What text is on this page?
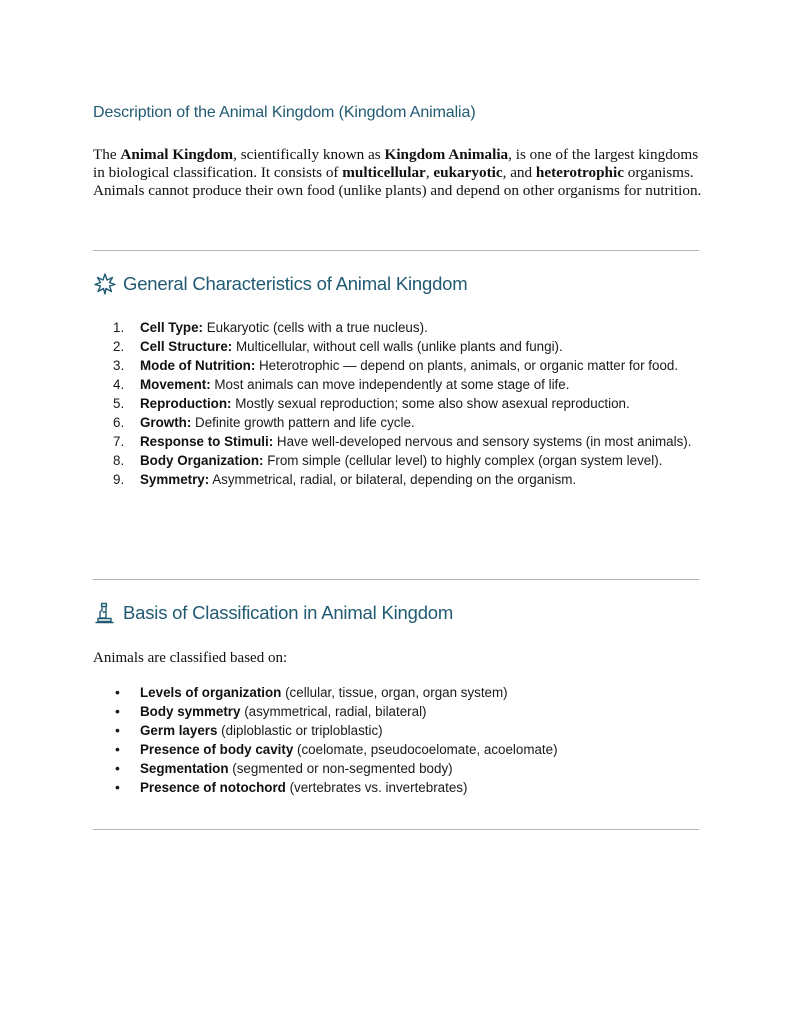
Description of the Animal Kingdom (Kingdom Animalia)

The Animal Kingdom, scientifically known as Kingdom Animalia, is one of the largest kingdoms in biological classification. It consists of multicellular, eukaryotic, and heterotrophic organisms. Animals cannot produce their own food (unlike plants) and depend on other organisms for nutrition.

General Characteristics of Animal Kingdom
1. Cell Type: Eukaryotic (cells with a true nucleus).
2. Cell Structure: Multicellular, without cell walls (unlike plants and fungi).
3. Mode of Nutrition: Heterotrophic — depend on plants, animals, or organic matter for food.
4. Movement: Most animals can move independently at some stage of life.
5. Reproduction: Mostly sexual reproduction; some also show asexual reproduction.
6. Growth: Definite growth pattern and life cycle.
7. Response to Stimuli: Have well-developed nervous and sensory systems (in most animals).
8. Body Organization: From simple (cellular level) to highly complex (organ system level).
9. Symmetry: Asymmetrical, radial, or bilateral, depending on the organism.
Basis of Classification in Animal Kingdom
Animals are classified based on:
• Levels of organization (cellular, tissue, organ, organ system)
• Body symmetry (asymmetrical, radial, bilateral)
• Germ layers (diploblastic or triploblastic)
• Presence of body cavity (coelomate, pseudocoelomate, acoelomate)
• Segmentation (segmented or non-segmented body)
• Presence of notochord (vertebrates vs. invertebrates)
